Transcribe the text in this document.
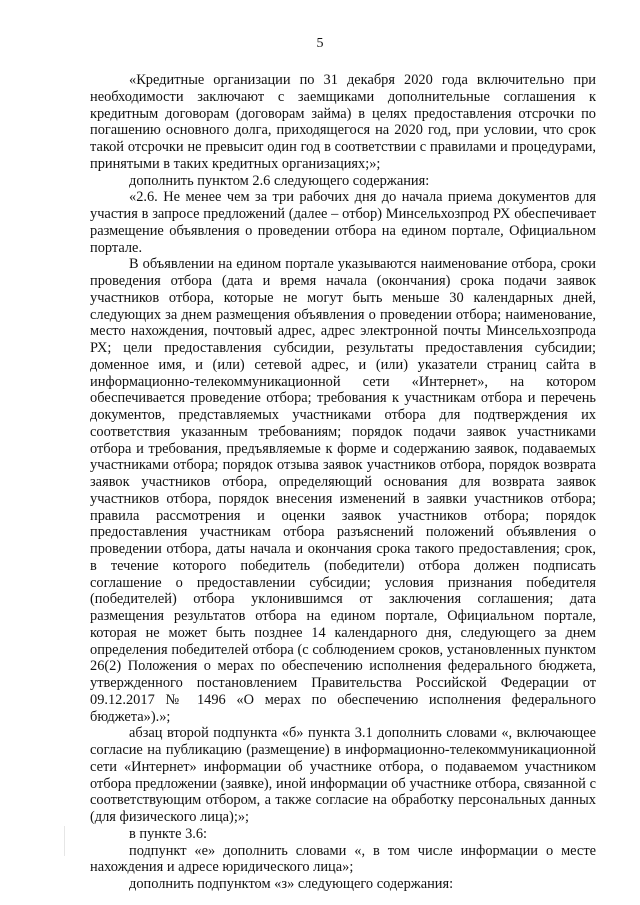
5

«Кредитные организации по 31 декабря 2020 года включительно при необходимости заключают с заемщиками дополнительные соглашения к кредитным договорам (договорам займа) в целях предоставления отсрочки по погашению основного долга, приходящегося на 2020 год, при условии, что срок такой отсрочки не превысит один год в соответствии с правилами и процедурами, принятыми в таких кредитных организациях;»;

дополнить пунктом 2.6 следующего содержания:

«2.6. Не менее чем за три рабочих дня до начала приема документов для участия в запросе предложений (далее – отбор) Минсельхозпрод РХ обеспечивает размещение объявления о проведении отбора на едином портале, Официальном портале.

В объявлении на едином портале указываются наименование отбора, сроки проведения отбора (дата и время начала (окончания) срока подачи заявок участников отбора, которые не могут быть меньше 30 календарных дней, следующих за днем размещения объявления о проведении отбора; наименование, место нахождения, почтовый адрес, адрес электронной почты Минсельхозпрода РХ; цели предоставления субсидии, результаты предоставления субсидии; доменное имя, и (или) сетевой адрес, и (или) указатели страниц сайта в информационно-телекоммуникационной сети «Интернет», на котором обеспечивается проведение отбора; требования к участникам отбора и перечень документов, представляемых участниками отбора для подтверждения их соответствия указанным требованиям; порядок подачи заявок участниками отбора и требования, предъявляемые к форме и содержанию заявок, подаваемых участниками отбора; порядок отзыва заявок участников отбора, порядок возврата заявок участников отбора, определяющий основания для возврата заявок участников отбора, порядок внесения изменений в заявки участников отбора; правила рассмотрения и оценки заявок участников отбора; порядок предоставления участникам отбора разъяснений положений объявления о проведении отбора, даты начала и окончания срока такого предоставления; срок, в течение которого победитель (победители) отбора должен подписать соглашение о предоставлении субсидии; условия признания победителя (победителей) отбора уклонившимся от заключения соглашения; дата размещения результатов отбора на едином портале, Официальном портале, которая не может быть позднее 14 календарного дня, следующего за днем определения победителей отбора (с соблюдением сроков, установленных пунктом 26(2) Положения о мерах по обеспечению исполнения федерального бюджета, утвержденного постановлением Правительства Российской Федерации от 09.12.2017 № 1496 «О мерах по обеспечению исполнения федерального бюджета»).»;

абзац второй подпункта «б» пункта 3.1 дополнить словами «, включающее согласие на публикацию (размещение) в информационно-телекоммуникационной сети «Интернет» информации об участнике отбора, о подаваемом участником отбора предложении (заявке), иной информации об участнике отбора, связанной с соответствующим отбором, а также согласие на обработку персональных данных (для физического лица);»;

в пункте 3.6:

подпункт «е» дополнить словами «, в том числе информации о месте нахождения и адресе юридического лица»;

дополнить подпунктом «з» следующего содержания:
